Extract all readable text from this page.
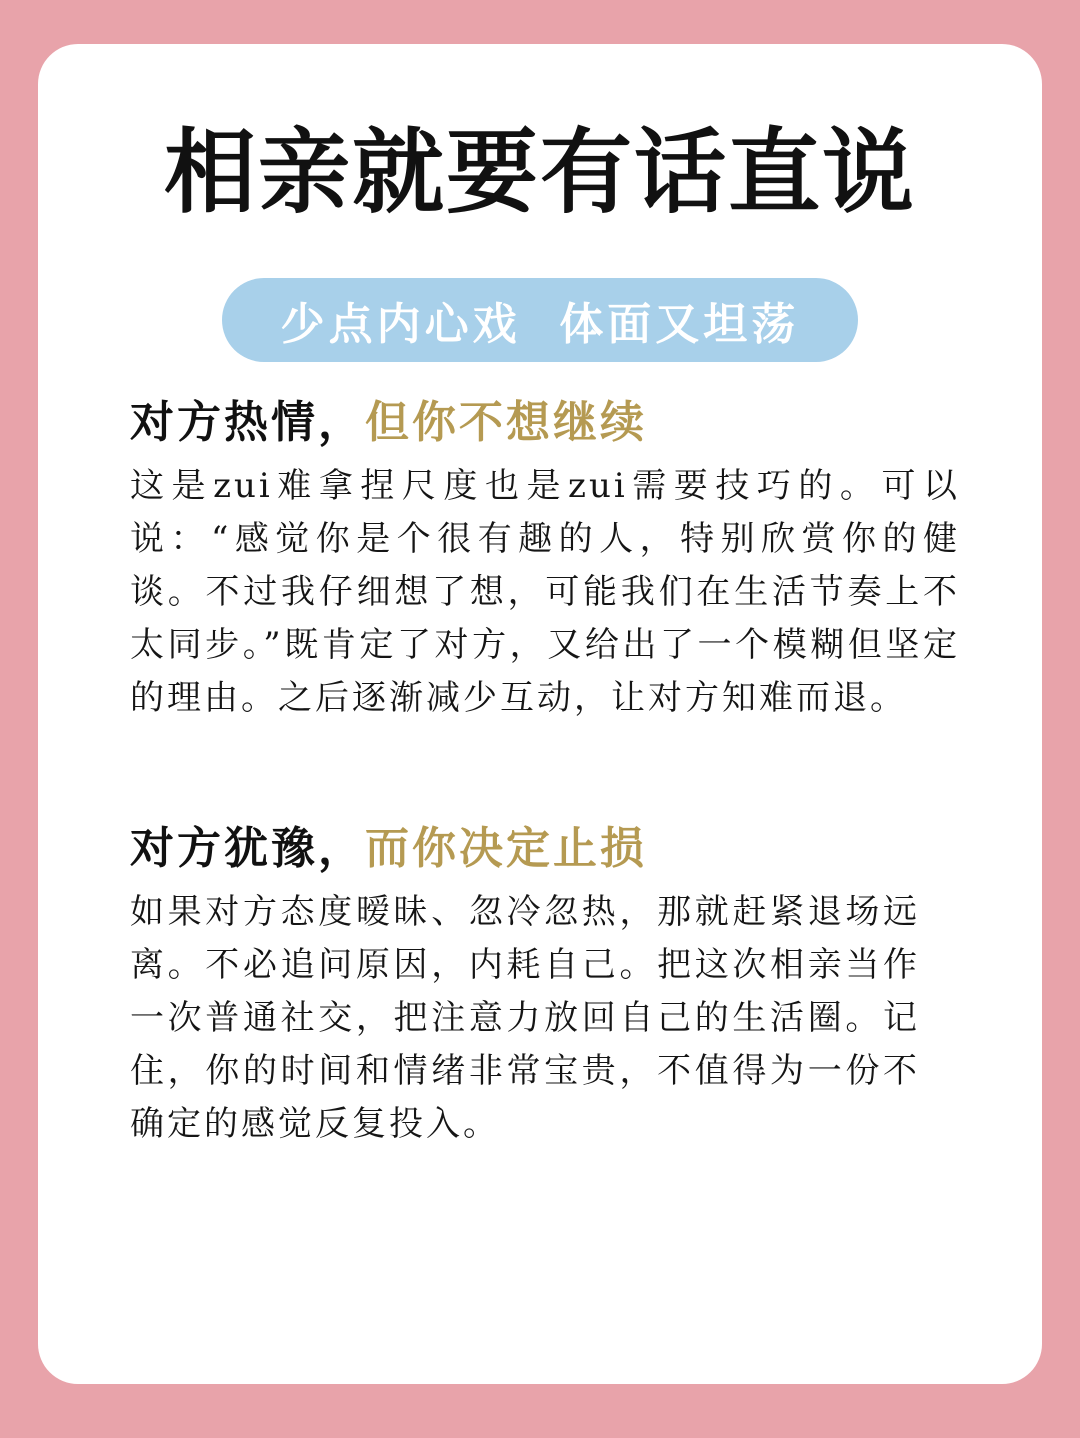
相亲就要有话直说
少点内心戏  体面又坦荡
对方热情，但你不想继续

这是zui难拿捏尺度也是zui需要技巧的。可以说：“感觉你是个很有趣的人，特别欣赏你的健谈。不过我仔细想了想，可能我们在生活节奏上不太同步。”既肯定了对方，又给出了一个模糊但坚定的理由。之后逐渐减少互动，让对方知难而退。

对方犹豫，而你决定止损

如果对方态度暧昧、忽冷忽热，那就赶紧退场远离。不必追问原因，内耗自己。把这次相亲当作一次普通社交，把注意力放回自己的生活圈。记住，你的时间和情绪非常宝贵，不值得为一份不确定的感觉反复投入。
